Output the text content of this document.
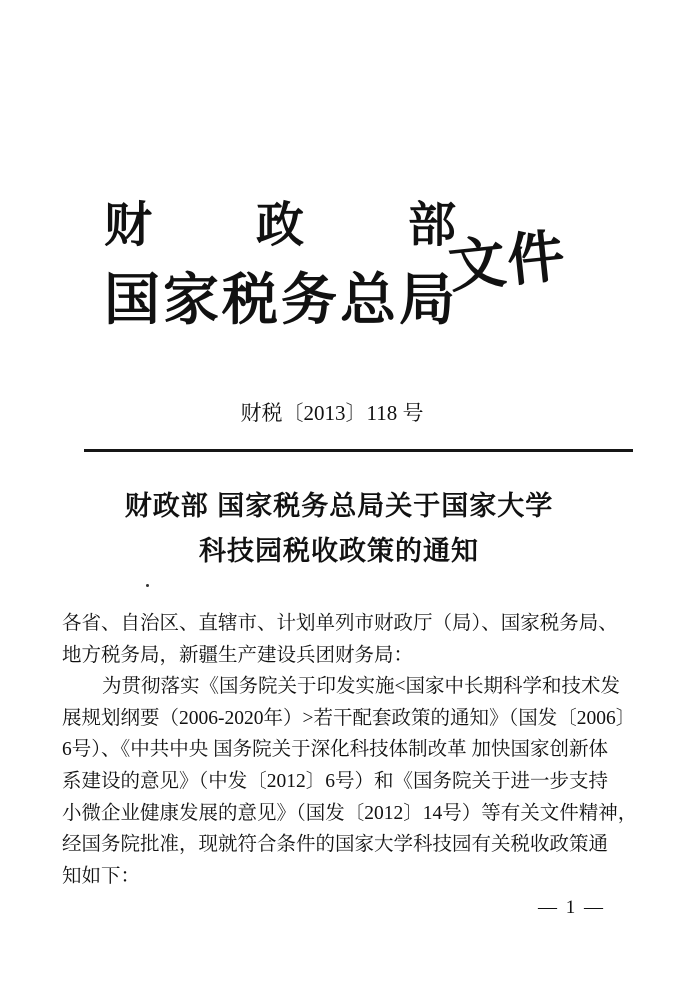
财 政 部
国家税务总局
文件
财税〔2013〕118 号
财政部 国家税务总局关于国家大学
科技园税收政策的通知
各省、自治区、直辖市、计划单列市财政厅（局）、国家税务局、
地方税务局，新疆生产建设兵团财务局：
为贯彻落实《国务院关于印发实施<国家中长期科学和技术发
展规划纲要（2006-2020年）>若干配套政策的通知》（国发〔2006〕
6号）、《中共中央 国务院关于深化科技体制改革 加快国家创新体
系建设的意见》（中发〔2012〕6号）和《国务院关于进一步支持
小微企业健康发展的意见》（国发〔2012〕14号）等有关文件精神，
经国务院批准，现就符合条件的国家大学科技园有关税收政策通
知如下：
— 1 —
